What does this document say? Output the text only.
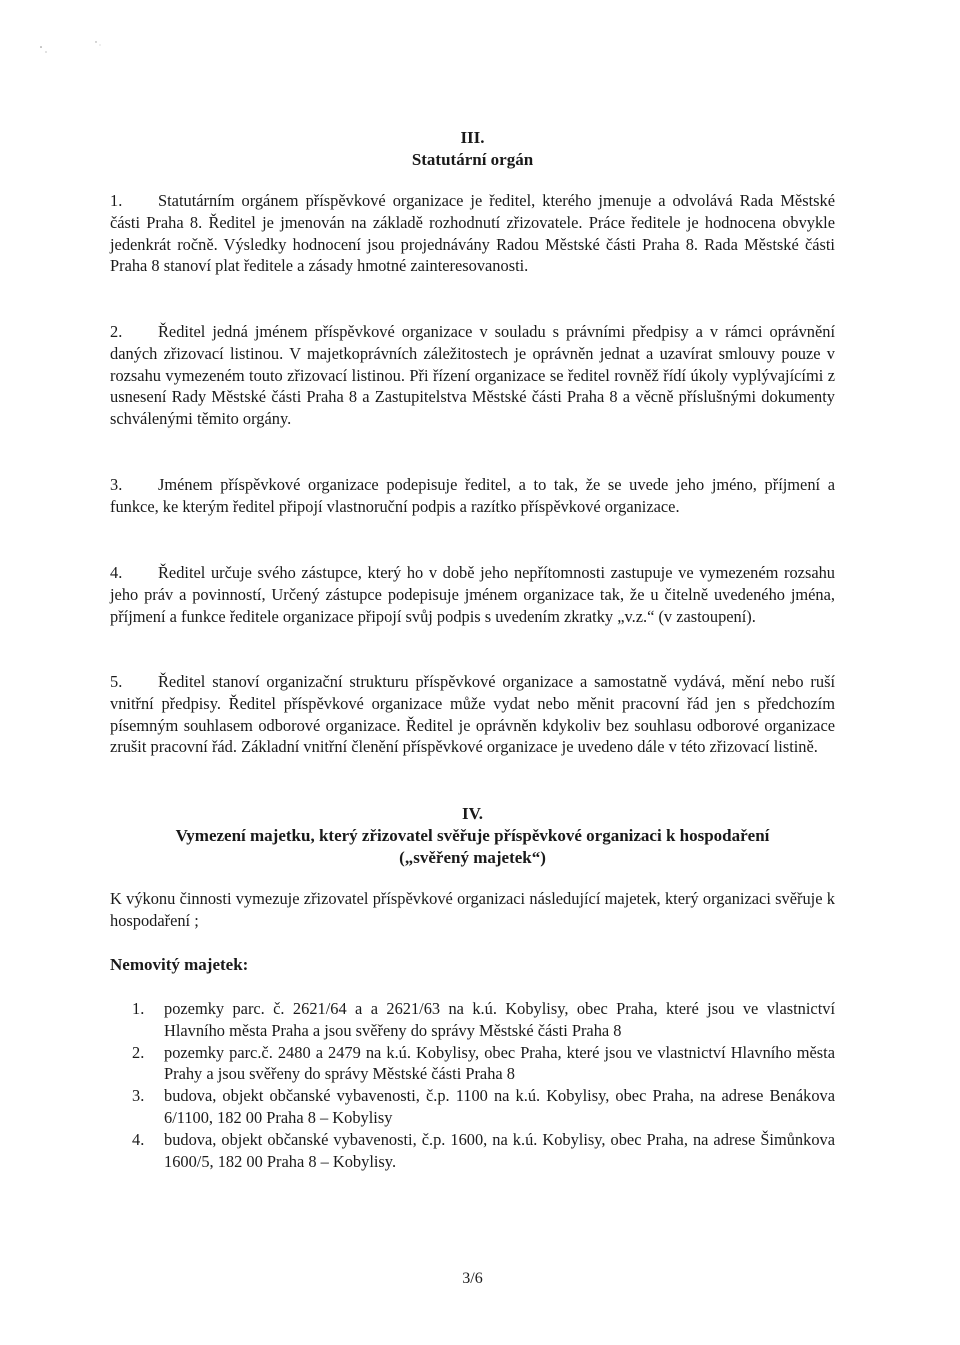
III.
Statutární orgán

1. Statutárním orgánem příspěvkové organizace je ředitel, kterého jmenuje a odvolává Rada Městské části Praha 8. Ředitel je jmenován na základě rozhodnutí zřizovatele. Práce ředitele je hodnocena obvykle jedenkrát ročně. Výsledky hodnocení jsou projednávány Radou Městské části Praha 8. Rada Městské části Praha 8 stanoví plat ředitele a zásady hmotné zainteresovanosti.

2. Ředitel jedná jménem příspěvkové organizace v souladu s právními předpisy a v rámci oprávnění daných zřizovací listinou. V majetkoprávních záležitostech je oprávněn jednat a uzavírat smlouvy pouze v rozsahu vymezeném touto zřizovací listinou. Při řízení organizace se ředitel rovněž řídí úkoly vyplývajícími z usnesení Rady Městské části Praha 8 a Zastupitelstva Městské části Praha 8 a věcně příslušnými dokumenty schválenými těmito orgány.

3. Jménem příspěvkové organizace podepisuje ředitel, a to tak, že se uvede jeho jméno, příjmení a funkce, ke kterým ředitel připojí vlastnoruční podpis a razítko příspěvkové organizace.

4. Ředitel určuje svého zástupce, který ho v době jeho nepřítomnosti zastupuje ve vymezeném rozsahu jeho práv a povinností, Určený zástupce podepisuje jménem organizace tak, že u čitelně uvedeného jména, příjmení a funkce ředitele organizace připojí svůj podpis s uvedením zkratky „v.z.“ (v zastoupení).

5. Ředitel stanoví organizační strukturu příspěvkové organizace a samostatně vydává, mění nebo ruší vnitřní předpisy. Ředitel příspěvkové organizace může vydat nebo měnit pracovní řád jen s předchozím písemným souhlasem odborové organizace. Ředitel je oprávněn kdykoliv bez souhlasu odborové organizace zrušit pracovní řád. Základní vnitřní členění příspěvkové organizace je uvedeno dále v této zřizovací listině.

IV.
Vymezení majetku, který zřizovatel svěřuje příspěvkové organizaci k hospodaření
(„svěřený majetek“)

K výkonu činnosti vymezuje zřizovatel příspěvkové organizaci následující majetek, který organizaci svěřuje k hospodaření ;

Nemovitý majetek:
1. pozemky parc. č. 2621/64 a a 2621/63 na k.ú. Kobylisy, obec Praha, které jsou ve vlastnictví Hlavního města Praha a jsou svěřeny do správy Městské části Praha 8
2. pozemky parc.č. 2480 a 2479 na k.ú. Kobylisy, obec Praha, které jsou ve vlastnictví Hlavního města Prahy a jsou svěřeny do správy Městské části Praha 8
3. budova, objekt občanské vybavenosti, č.p. 1100 na k.ú. Kobylisy, obec Praha, na adrese Benákova 6/1100, 182 00 Praha 8 – Kobylisy
4. budova, objekt občanské vybavenosti, č.p. 1600, na k.ú. Kobylisy, obec Praha, na adrese Šimůnkova 1600/5, 182 00 Praha 8 – Kobylisy.

3/6
